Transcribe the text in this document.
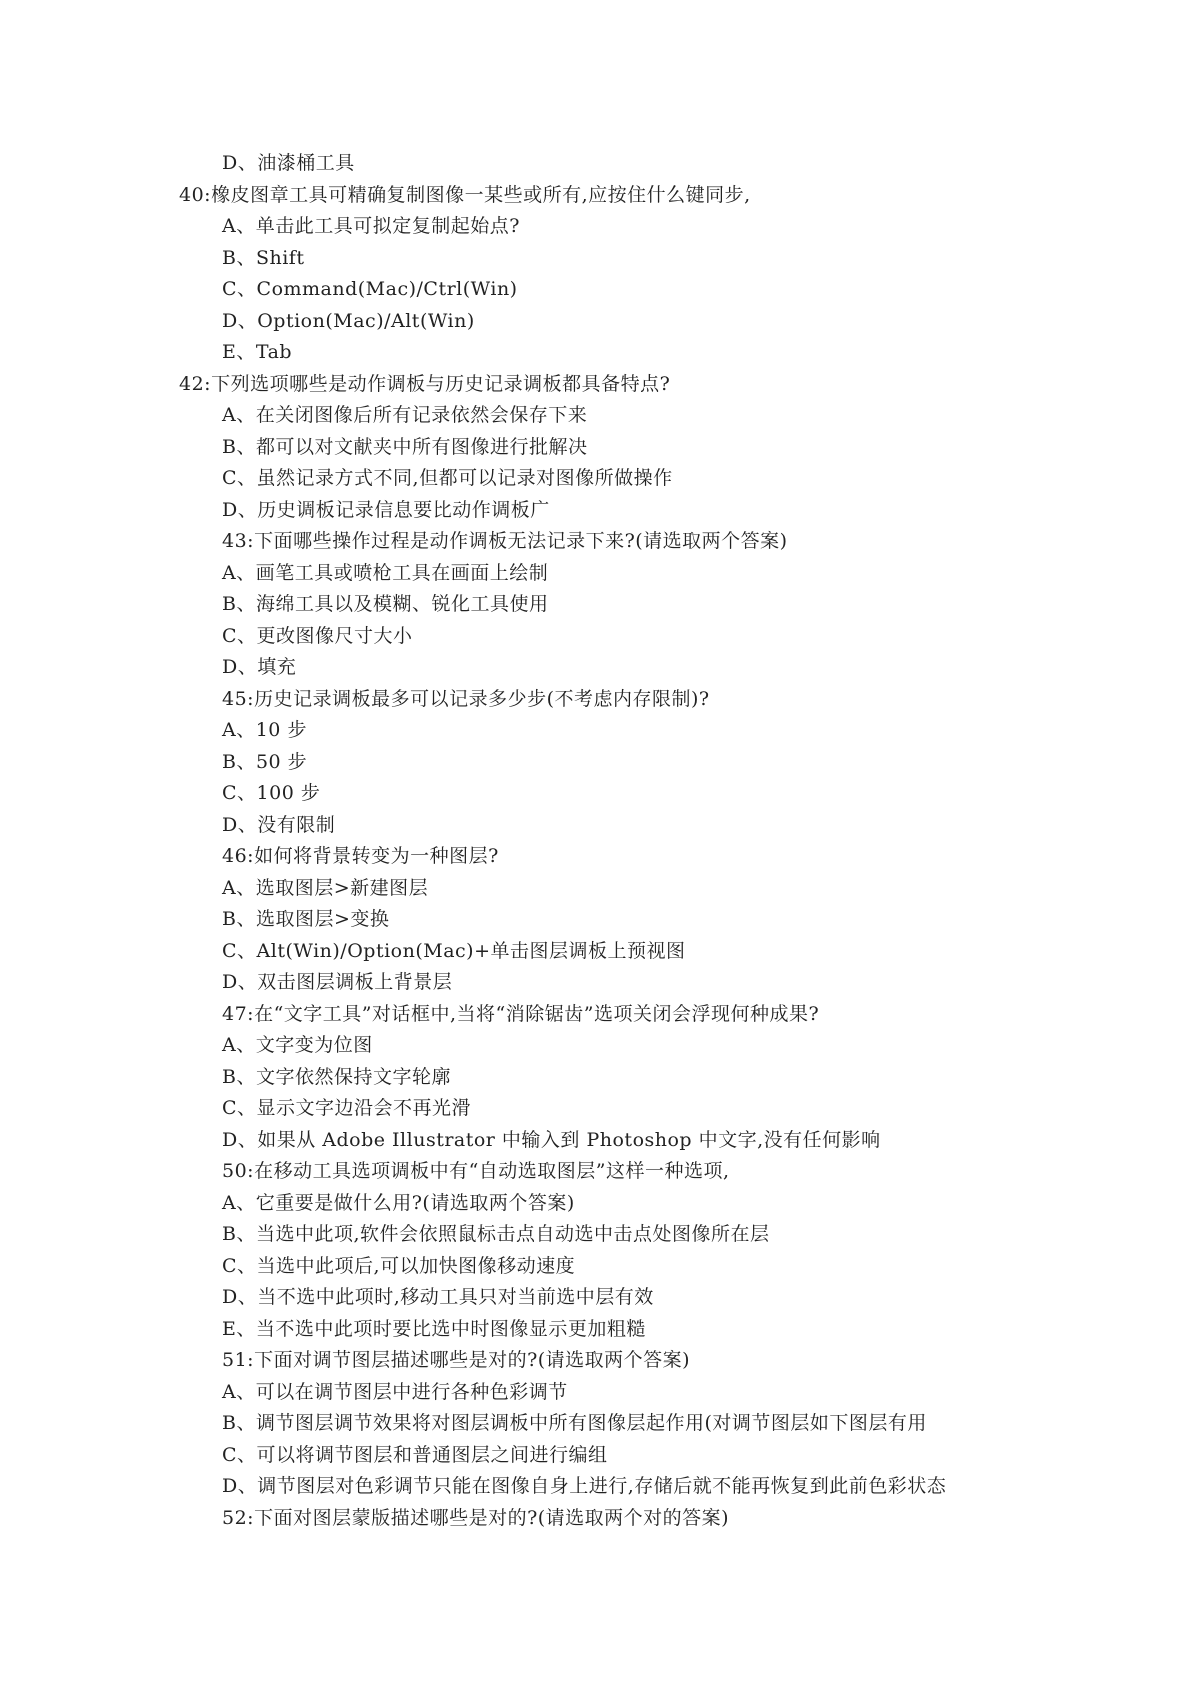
D、油漆桶工具
40:橡皮图章工具可精确复制图像一某些或所有,应按住什么键同步,
A、单击此工具可拟定复制起始点?
B、Shift
C、Command(Mac)/Ctrl(Win)
D、Option(Mac)/Alt(Win)
E、Tab
42:下列选项哪些是动作调板与历史记录调板都具备特点?
A、在关闭图像后所有记录依然会保存下来
B、都可以对文献夹中所有图像进行批解决
C、虽然记录方式不同,但都可以记录对图像所做操作
D、历史调板记录信息要比动作调板广
43:下面哪些操作过程是动作调板无法记录下来?(请选取两个答案)
A、画笔工具或喷枪工具在画面上绘制
B、海绵工具以及模糊、锐化工具使用
C、更改图像尺寸大小
D、填充
45:历史记录调板最多可以记录多少步(不考虑内存限制)?
A、10 步
B、50 步
C、100 步
D、没有限制
46:如何将背景转变为一种图层?
A、选取图层>新建图层
B、选取图层>变换
C、Alt(Win)/Option(Mac)+单击图层调板上预视图
D、双击图层调板上背景层
47:在“文字工具”对话框中,当将“消除锯齿”选项关闭会浮现何种成果?
A、文字变为位图
B、文字依然保持文字轮廓
C、显示文字边沿会不再光滑
D、如果从 Adobe Illustrator 中输入到 Photoshop 中文字,没有任何影响
50:在移动工具选项调板中有“自动选取图层”这样一种选项,
A、它重要是做什么用?(请选取两个答案)
B、当选中此项,软件会依照鼠标击点自动选中击点处图像所在层
C、当选中此项后,可以加快图像移动速度
D、当不选中此项时,移动工具只对当前选中层有效
E、当不选中此项时要比选中时图像显示更加粗糙
51:下面对调节图层描述哪些是对的?(请选取两个答案)
A、可以在调节图层中进行各种色彩调节
B、调节图层调节效果将对图层调板中所有图像层起作用(对调节图层如下图层有用
C、可以将调节图层和普通图层之间进行编组
D、调节图层对色彩调节只能在图像自身上进行,存储后就不能再恢复到此前色彩状态
52:下面对图层蒙版描述哪些是对的?(请选取两个对的答案)
